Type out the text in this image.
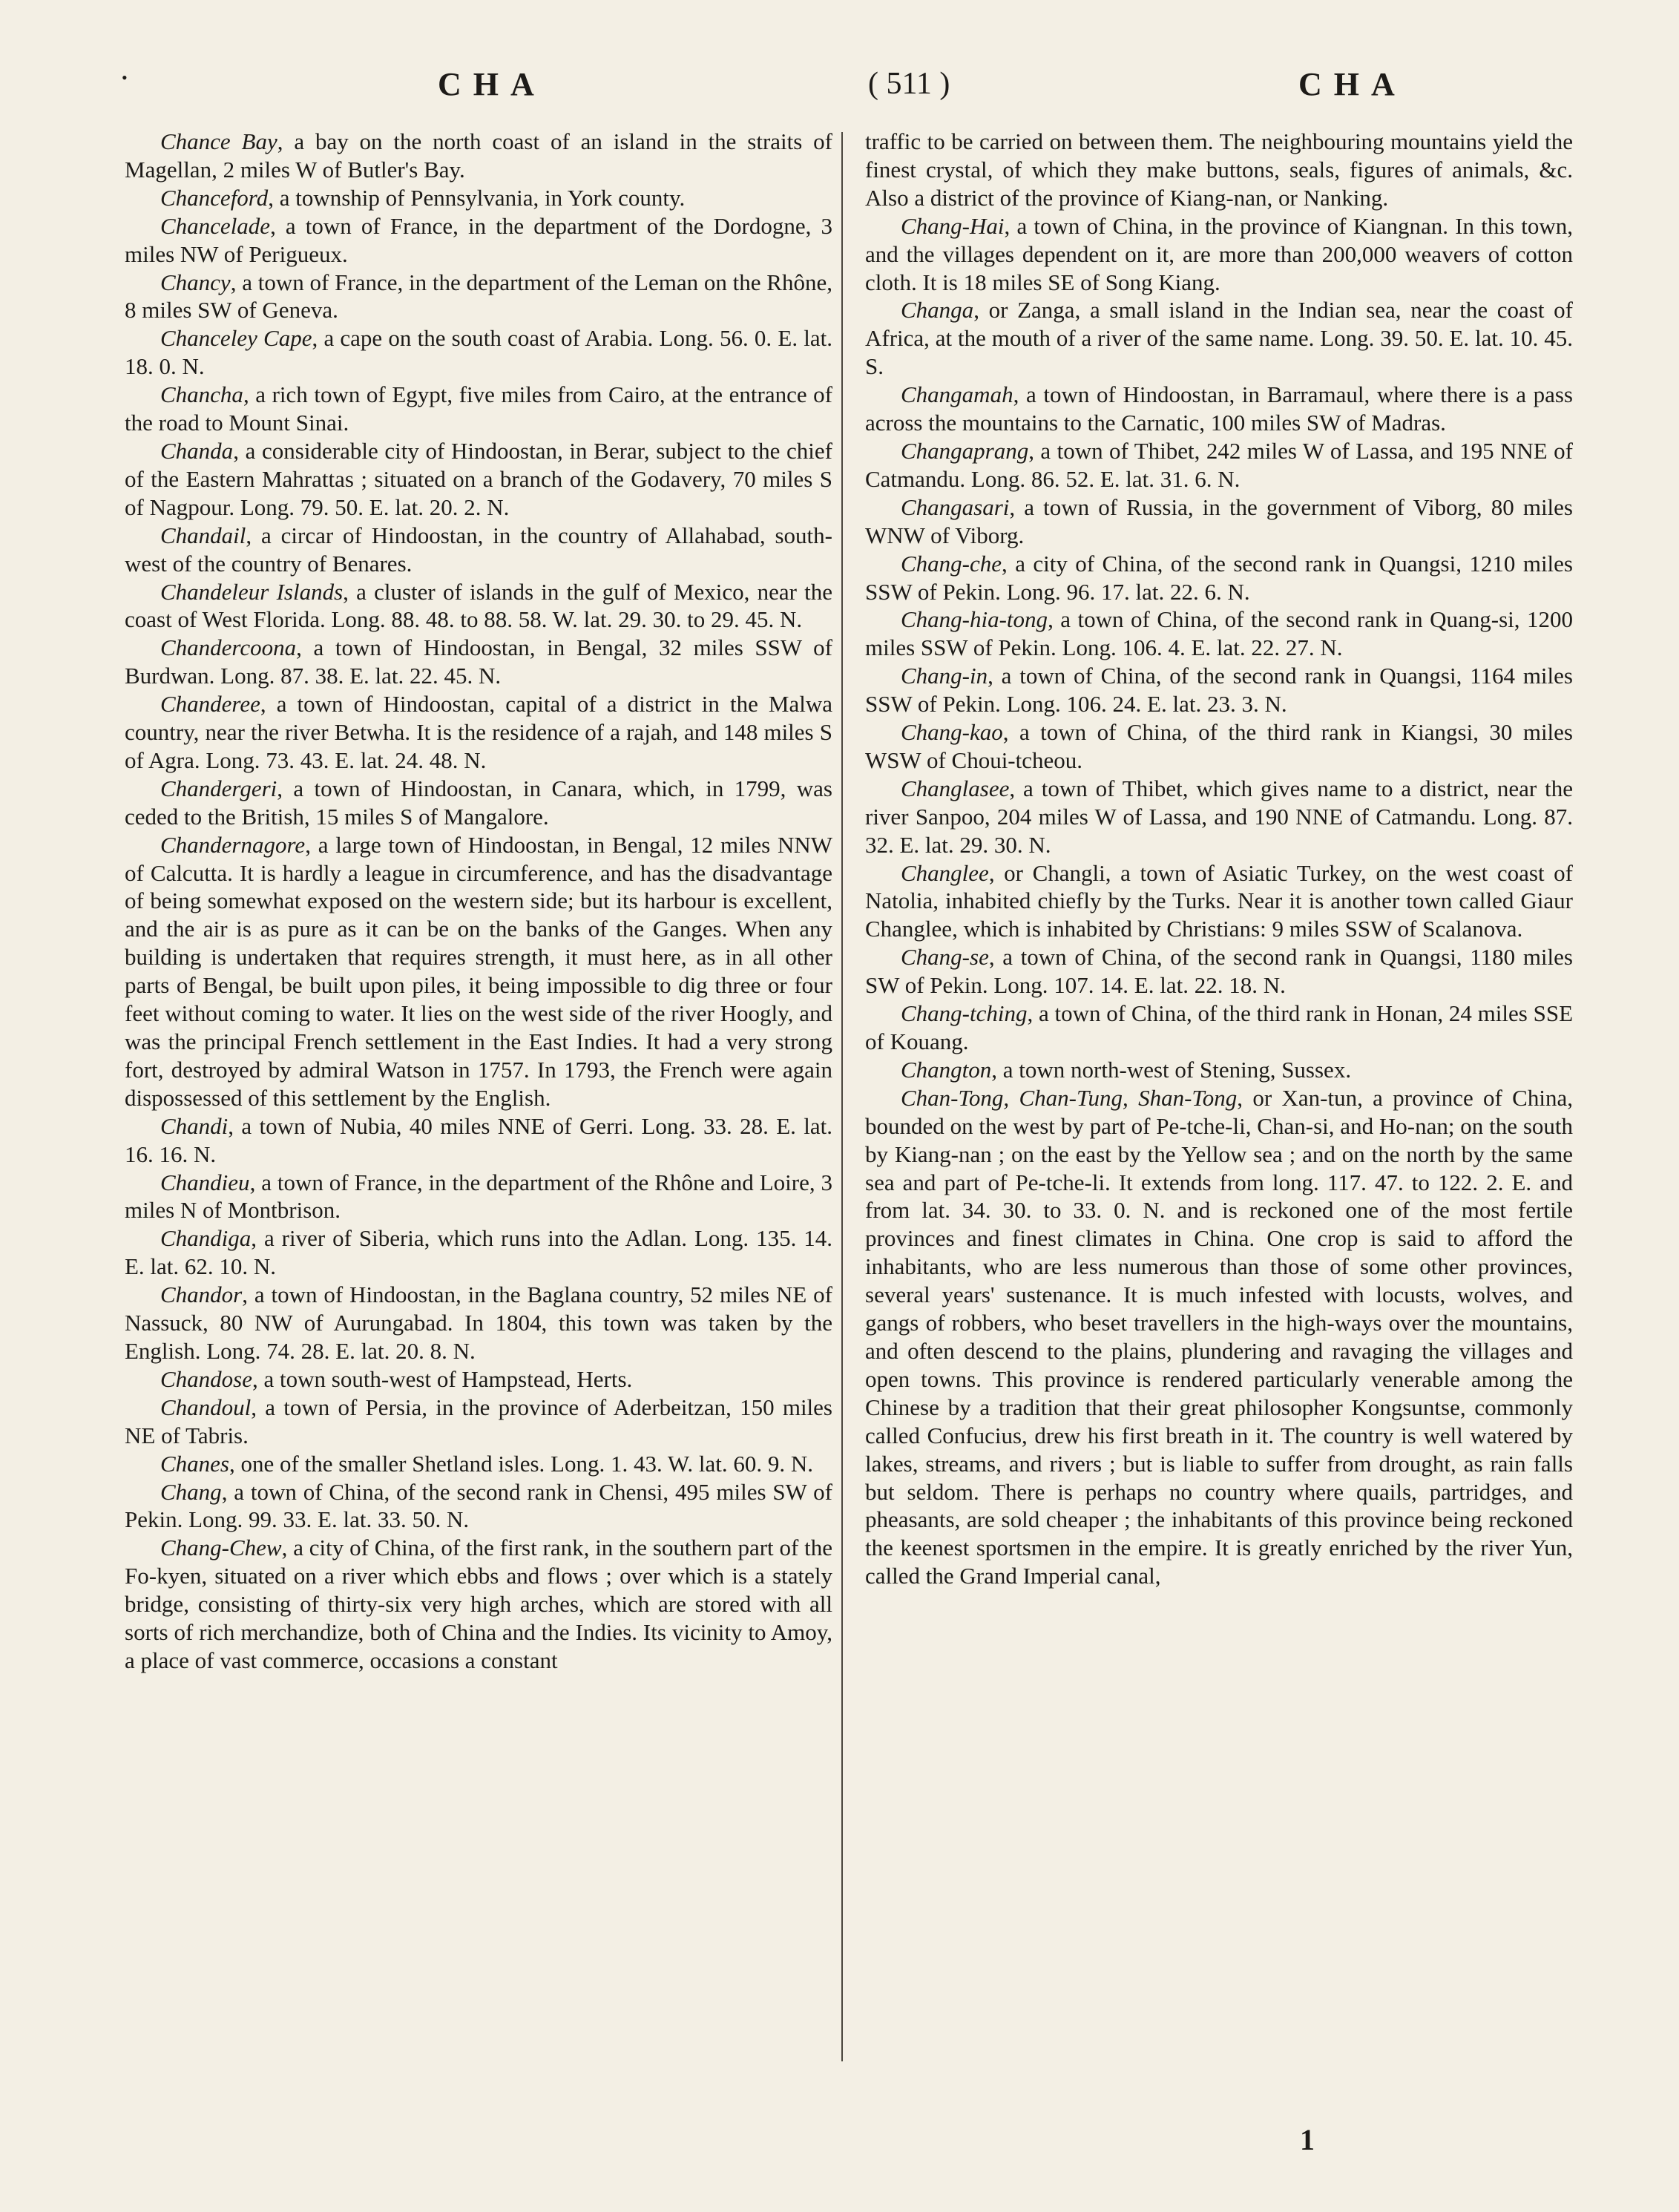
•	CHA	( 511 )	CHA

Chance Bay, a bay on the north coast of an island in the straits of Magellan, 2 miles W of Butler's Bay.

Chanceford, a township of Pennsylvania, in York county.

Chancelade, a town of France, in the department of the Dordogne, 3 miles NW of Perigueux.

Chancy, a town of France, in the department of the Leman on the Rhône, 8 miles SW of Geneva.

Chanceley Cape, a cape on the south coast of Arabia. Long. 56. 0. E. lat. 18. 0. N.

Chancha, a rich town of Egypt, five miles from Cairo, at the entrance of the road to Mount Sinai.

Chanda, a considerable city of Hindoostan, in Berar, subject to the chief of the Eastern Mahrattas ; situated on a branch of the Godavery, 70 miles S of Nagpour. Long. 79. 50. E. lat. 20. 2. N.

Chandail, a circar of Hindoostan, in the country of Allahabad, south-west of the country of Benares.

Chandeleur Islands, a cluster of islands in the gulf of Mexico, near the coast of West Florida. Long. 88. 48. to 88. 58. W. lat. 29. 30. to 29. 45. N.

Chandercoona, a town of Hindoostan, in Bengal, 32 miles SSW of Burdwan. Long. 87. 38. E. lat. 22. 45. N.

Chanderee, a town of Hindoostan, capital of a district in the Malwa country, near the river Betwha. It is the residence of a rajah, and 148 miles S of Agra. Long. 73. 43. E. lat. 24. 48. N.

Chandergeri, a town of Hindoostan, in Canara, which, in 1799, was ceded to the British, 15 miles S of Mangalore.

Chandernagore, a large town of Hindoostan, in Bengal, 12 miles NNW of Calcutta. It is hardly a league in circumference, and has the disadvantage of being somewhat exposed on the western side; but its harbour is excellent, and the air is as pure as it can be on the banks of the Ganges. When any building is undertaken that requires strength, it must here, as in all other parts of Bengal, be built upon piles, it being impossible to dig three or four feet without coming to water. It lies on the west side of the river Hoogly, and was the principal French settlement in the East Indies. It had a very strong fort, destroyed by admiral Watson in 1757. In 1793, the French were again dispossessed of this settlement by the English.

Chandi, a town of Nubia, 40 miles NNE of Gerri. Long. 33. 28. E. lat. 16. 16. N.

Chandieu, a town of France, in the department of the Rhône and Loire, 3 miles N of Montbrison.

Chandiga, a river of Siberia, which runs into the Adlan. Long. 135. 14. E. lat. 62. 10. N.

Chandor, a town of Hindoostan, in the Baglana country, 52 miles NE of Nassuck, 80 NW of Aurungabad. In 1804, this town was taken by the English. Long. 74. 28. E. lat. 20. 8. N.

Chandose, a town south-west of Hampstead, Herts.

Chandoul, a town of Persia, in the province of Aderbeitzan, 150 miles NE of Tabris.

Chanes, one of the smaller Shetland isles. Long. 1. 43. W. lat. 60. 9. N.

Chang, a town of China, of the second rank in Chensi, 495 miles SW of Pekin. Long. 99. 33. E. lat. 33. 50. N.

Chang-Chew, a city of China, of the first rank, in the southern part of the Fo-kyen, situated on a river which ebbs and flows ; over which is a stately bridge, consisting of thirty-six very high arches, which are stored with all sorts of rich merchandize, both of China and the Indies. Its vicinity to Amoy, a place of vast commerce, occasions a constant

traffic to be carried on between them. The neighbouring mountains yield the finest crystal, of which they make buttons, seals, figures of animals, &c. Also a district of the province of Kiang-nan, or Nanking.

Chang-Hai, a town of China, in the province of Kiangnan. In this town, and the villages dependent on it, are more than 200,000 weavers of cotton cloth. It is 18 miles SE of Song Kiang.

Changa, or Zanga, a small island in the Indian sea, near the coast of Africa, at the mouth of a river of the same name. Long. 39. 50. E. lat. 10. 45. S.

Changamah, a town of Hindoostan, in Barramaul, where there is a pass across the mountains to the Carnatic, 100 miles SW of Madras.

Changaprang, a town of Thibet, 242 miles W of Lassa, and 195 NNE of Catmandu. Long. 86. 52. E. lat. 31. 6. N.

Changasari, a town of Russia, in the government of Viborg, 80 miles WNW of Viborg.

Chang-che, a city of China, of the second rank in Quangsi, 1210 miles SSW of Pekin. Long. 96. 17. lat. 22. 6. N.

Chang-hia-tong, a town of China, of the second rank in Quang-si, 1200 miles SSW of Pekin. Long. 106. 4. E. lat. 22. 27. N.

Chang-in, a town of China, of the second rank in Quangsi, 1164 miles SSW of Pekin. Long. 106. 24. E. lat. 23. 3. N.

Chang-kao, a town of China, of the third rank in Kiangsi, 30 miles WSW of Choui-tcheou.

Changlasee, a town of Thibet, which gives name to a district, near the river Sanpoo, 204 miles W of Lassa, and 190 NNE of Catmandu. Long. 87. 32. E. lat. 29. 30. N.

Changlee, or Changli, a town of Asiatic Turkey, on the west coast of Natolia, inhabited chiefly by the Turks. Near it is another town called Giaur Changlee, which is inhabited by Christians: 9 miles SSW of Scalanova.

Chang-se, a town of China, of the second rank in Quangsi, 1180 miles SW of Pekin. Long. 107. 14. E. lat. 22. 18. N.

Chang-tching, a town of China, of the third rank in Honan, 24 miles SSE of Kouang.

Changton, a town north-west of Stening, Sussex.

Chan-Tong, Chan-Tung, Shan-Tong, or Xan-tun, a province of China, bounded on the west by part of Pe-tche-li, Chan-si, and Ho-nan; on the south by Kiang-nan ; on the east by the Yellow sea ; and on the north by the same sea and part of Pe-tche-li. It extends from long. 117. 47. to 122. 2. E. and from lat. 34. 30. to 33. 0. N. and is reckoned one of the most fertile provinces and finest climates in China. One crop is said to afford the inhabitants, who are less numerous than those of some other provinces, several years' sustenance. It is much infested with locusts, wolves, and gangs of robbers, who beset travellers in the high-ways over the mountains, and often descend to the plains, plundering and ravaging the villages and open towns. This province is rendered particularly venerable among the Chinese by a tradition that their great philosopher Kongsuntse, commonly called Confucius, drew his first breath in it. The country is well watered by lakes, streams, and rivers ; but is liable to suffer from drought, as rain falls but seldom. There is perhaps no country where quails, partridges, and pheasants, are sold cheaper ; the inhabitants of this province being reckoned the keenest sportsmen in the empire. It is greatly enriched by the river Yun, called the Grand Imperial canal,

1
